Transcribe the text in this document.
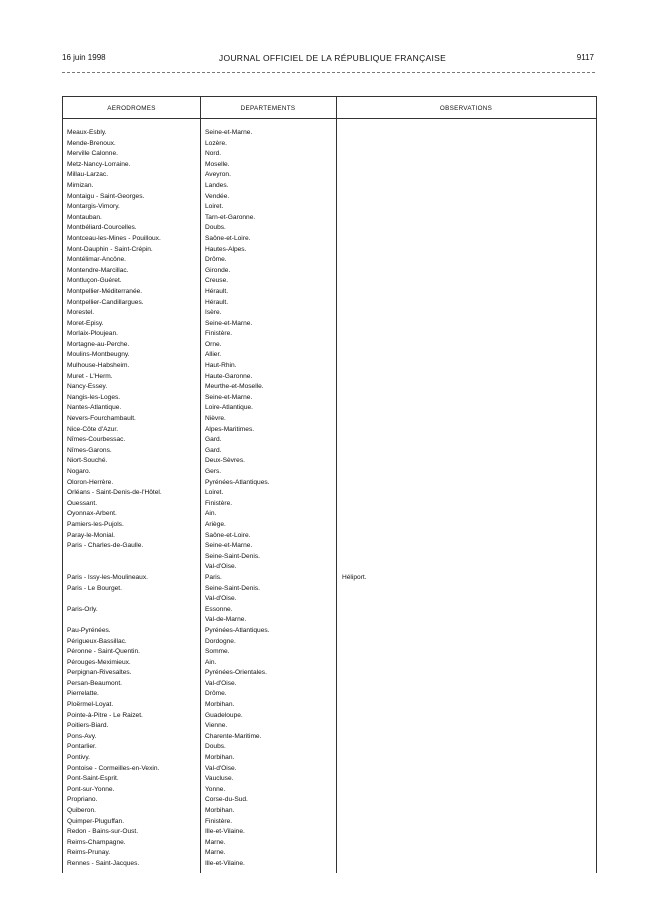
16 juin 1998	JOURNAL OFFICIEL DE LA RÉPUBLIQUE FRANÇAISE	9117
AERODROMES	DEPARTEMENTS	OBSERVATIONS
Meaux-Esbly.	Seine-et-Marne.
Mende-Brenoux.	Lozère.
Merville Calonne.	Nord.
Metz-Nancy-Lorraine.	Moselle.
Millau-Larzac.	Aveyron.
Mimizan.	Landes.
Montaigu - Saint-Georges.	Vendée.
Montargis-Vimory.	Loiret.
Montauban.	Tarn-et-Garonne.
Montbéliard-Courcelles.	Doubs.
Montceau-les-Mines - Pouilloux.	Saône-et-Loire.
Mont-Dauphin - Saint-Crépin.	Hautes-Alpes.
Montélimar-Ancône.	Drôme.
Montendre-Marcillac.	Gironde.
Montluçon-Guéret.	Creuse.
Montpellier-Méditerranée.	Hérault.
Montpellier-Candillargues.	Hérault.
Morestel.	Isère.
Moret-Episy.	Seine-et-Marne.
Morlaix-Ploujean.	Finistère.
Mortagne-au-Perche.	Orne.
Moulins-Montbeugny.	Allier.
Mulhouse-Habsheim.	Haut-Rhin.
Muret - L'Herm.	Haute-Garonne.
Nancy-Essey.	Meurthe-et-Moselle.
Nangis-les-Loges.	Seine-et-Marne.
Nantes-Atlantique.	Loire-Atlantique.
Nevers-Fourchambault.	Nièvre.
Nice-Côte d'Azur.	Alpes-Maritimes.
Nîmes-Courbessac.	Gard.
Nîmes-Garons.	Gard.
Niort-Souché.	Deux-Sèvres.
Nogaro.	Gers.
Oloron-Herrère.	Pyrénées-Atlantiques.
Orléans - Saint-Denis-de-l'Hôtel.	Loiret.
Ouessant.	Finistère.
Oyonnax-Arbent.	Ain.
Pamiers-les-Pujols.	Ariège.
Paray-le-Monial.	Saône-et-Loire.
Paris - Charles-de-Gaulle.	Seine-et-Marne.
Seine-Saint-Denis.
Val-d'Oise.
Paris - Issy-les-Moulineaux.	Paris.	Héliport.
Paris - Le Bourget.	Seine-Saint-Denis.
Val-d'Oise.
Paris-Orly.	Essonne.
Val-de-Marne.
Pau-Pyrénées.	Pyrénées-Atlantiques.
Périgueux-Bassillac.	Dordogne.
Péronne - Saint-Quentin.	Somme.
Pérouges-Meximieux.	Ain.
Perpignan-Rivesaltes.	Pyrénées-Orientales.
Persan-Beaumont.	Val-d'Oise.
Pierrelatte.	Drôme.
Ploërmel-Loyat.	Morbihan.
Pointe-à-Pitre - Le Raizet.	Guadeloupe.
Poitiers-Biard.	Vienne.
Pons-Avy.	Charente-Maritime.
Pontarlier.	Doubs.
Pontivy.	Morbihan.
Pontoise - Cormeilles-en-Vexin.	Val-d'Oise.
Pont-Saint-Esprit.	Vaucluse.
Pont-sur-Yonne.	Yonne.
Propriano.	Corse-du-Sud.
Quiberon.	Morbihan.
Quimper-Pluguffan.	Finistère.
Redon - Bains-sur-Oust.	Ille-et-Vilaine.
Reims-Champagne.	Marne.
Reims-Prunay.	Marne.
Rennes - Saint-Jacques.	Ille-et-Vilaine.
